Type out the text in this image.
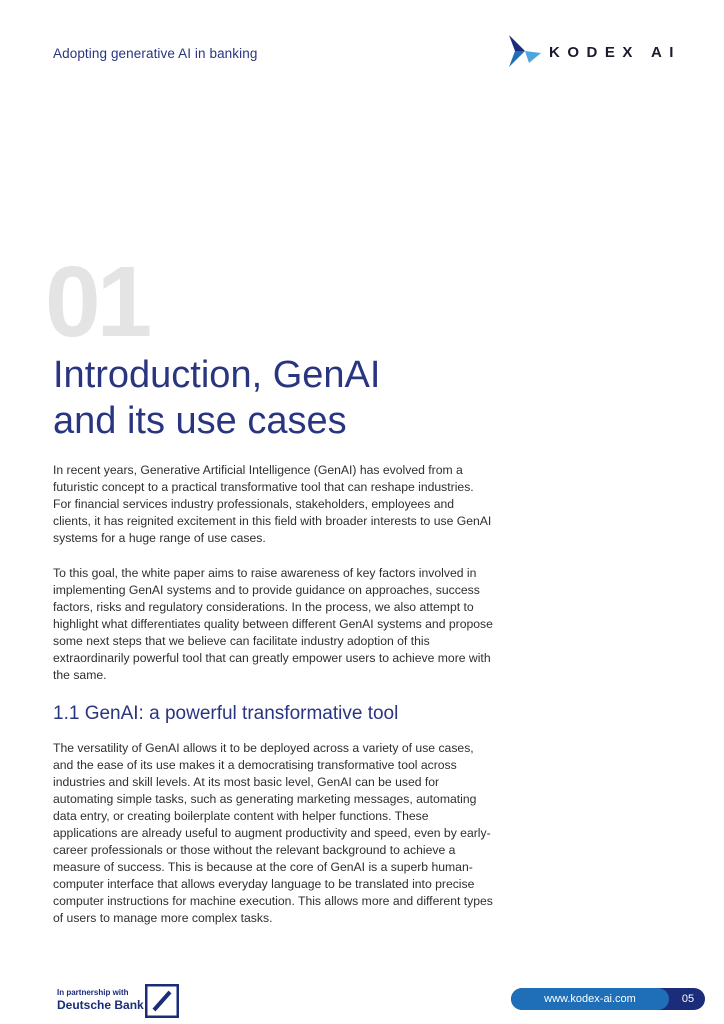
Adopting generative AI in banking	KODEX AI
01
Introduction, GenAI
and its use cases

In recent years, Generative Artificial Intelligence (GenAI) has evolved from a futuristic concept to a practical transformative tool that can reshape industries. For financial services industry professionals, stakeholders, employees and clients, it has reignited excitement in this field with broader interests to use GenAI systems for a huge range of use cases.

To this goal, the white paper aims to raise awareness of key factors involved in implementing GenAI systems and to provide guidance on approaches, success factors, risks and regulatory considerations. In the process, we also attempt to highlight what differentiates quality between different GenAI systems and propose some next steps that we believe can facilitate industry adoption of this extraordinarily powerful tool that can greatly empower users to achieve more with the same.

1.1 GenAI: a powerful transformative tool

The versatility of GenAI allows it to be deployed across a variety of use cases, and the ease of its use makes it a democratising transformative tool across industries and skill levels. At its most basic level, GenAI can be used for automating simple tasks, such as generating marketing messages, automating data entry, or creating boilerplate content with helper functions. These applications are already useful to augment productivity and speed, even by early-career professionals or those without the relevant background to achieve a measure of success. This is because at the core of GenAI is a superb human-computer interface that allows everyday language to be translated into precise computer instructions for machine execution. This allows more and different types of users to manage more complex tasks.

In partnership with
Deutsche Bank	www.kodex-ai.com	05
